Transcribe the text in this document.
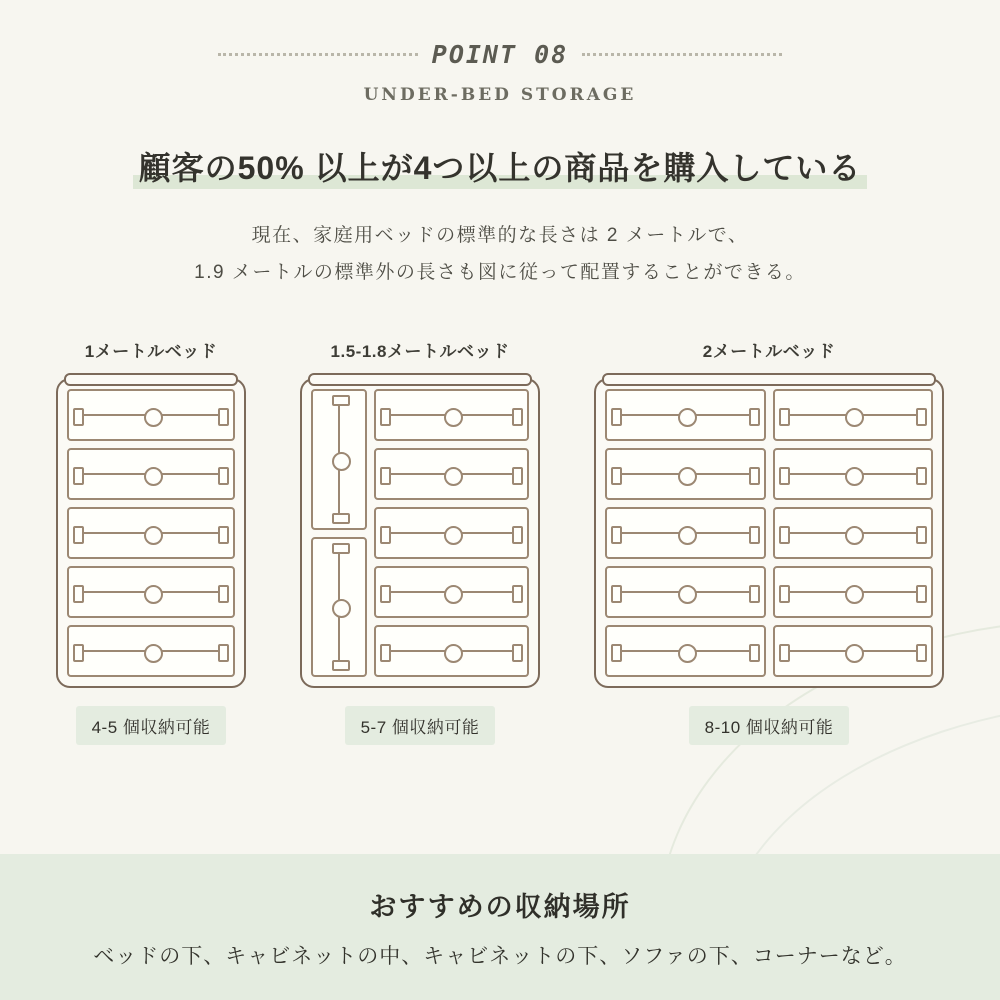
POINT 08
UNDER-BED STORAGE
顧客の50% 以上が4つ以上の商品を購入している
現在、家庭用ベッドの標準的な長さは 2 メートルで、
1.9 メートルの標準外の長さも図に従って配置することができる。
1メートルベッド
4-5 個収納可能
1.5-1.8メートルベッド
5-7 個収納可能
2メートルベッド
8-10 個収納可能
おすすめの収納場所
ベッドの下、キャビネットの中、キャビネットの下、ソファの下、コーナーなど。
